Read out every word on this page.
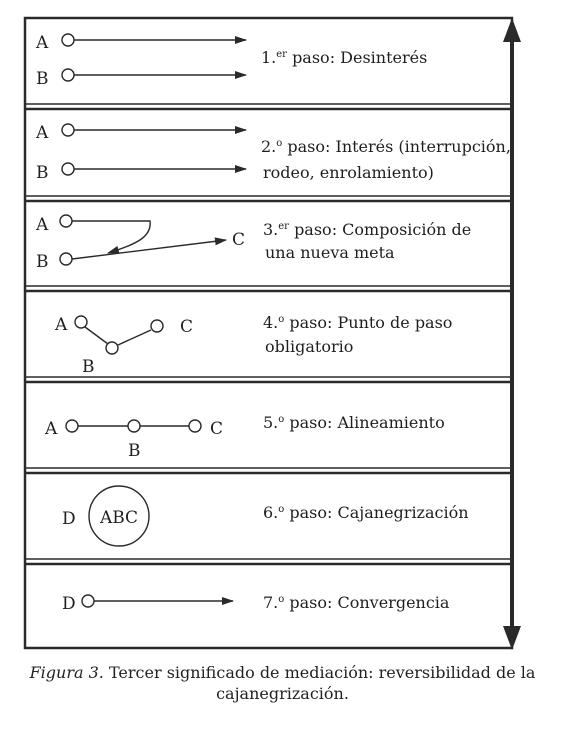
A
B
1.$^{er}$ paso: Desinterés
A
B
2.$^o$ paso: Interés (interrupción,
rodeo, enrolamiento)
A
B
C
3.$^{er}$ paso: Composición de
una nueva meta
A
B
C	4.$^o$ paso: Punto de paso
obligatorio
A	C
B
5.$^o$ paso: Alineamiento
D ABC	6.$^o$ paso: Cajanegrización
D	7.$^o$ paso: Convergencia
Figura 3. Tercer significado de mediación: reversibilidad de la
cajanegrización.
